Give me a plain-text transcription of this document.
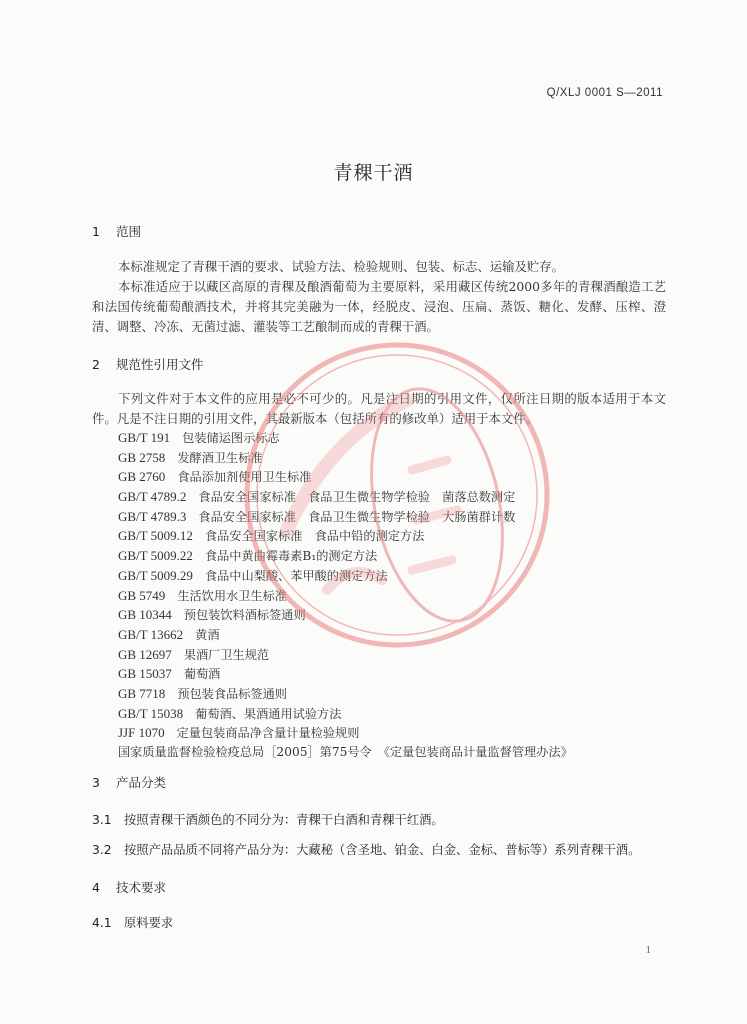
Q/XLJ 0001 S—2011
青稞干酒
1 范围
本标准规定了青稞干酒的要求、试验方法、检验规则、包装、标志、运输及贮存。
本标准适应于以藏区高原的青稞及酿酒葡萄为主要原料，采用藏区传统2000多年的青稞酒酿造工艺和法国传统葡萄酿酒技术，并将其完美融为一体，经脱皮、浸泡、压扁、蒸饭、糖化、发酵、压榨、澄清、调整、冷冻、无菌过滤、灌装等工艺酿制而成的青稞干酒。
2 规范性引用文件
下列文件对于本文件的应用是必不可少的。凡是注日期的引用文件，仅所注日期的版本适用于本文件。凡是不注日期的引用文件，其最新版本（包括所有的修改单）适用于本文件。
GB/T 191 包装储运图示标志
GB 2758 发酵酒卫生标准
GB 2760 食品添加剂使用卫生标准
GB/T 4789.2 食品安全国家标准　食品卫生微生物学检验　菌落总数测定
GB/T 4789.3 食品安全国家标准　食品卫生微生物学检验　大肠菌群计数
GB/T 5009.12 食品安全国家标准　食品中铅的测定方法
GB/T 5009.22 食品中黄曲霉毒素B₁的测定方法
GB/T 5009.29 食品中山梨酸、苯甲酸的测定方法
GB 5749 生活饮用水卫生标准
GB 10344 预包装饮料酒标签通则
GB/T 13662 黄酒
GB 12697 果酒厂卫生规范
GB 15037 葡萄酒
GB 7718 预包装食品标签通则
GB/T 15038 葡萄酒、果酒通用试验方法
JJF 1070 定量包装商品净含量计量检验规则
国家质量监督检验检疫总局［2005］第75号令　《定量包装商品计量监督管理办法》
3 产品分类
3.1 按照青稞干酒颜色的不同分为：青稞干白酒和青稞干红酒。
3.2 按照产品品质不同将产品分为：大藏秘（含圣地、铂金、白金、金标、普标等）系列青稞干酒。
4 技术要求
4.1 原料要求
1
